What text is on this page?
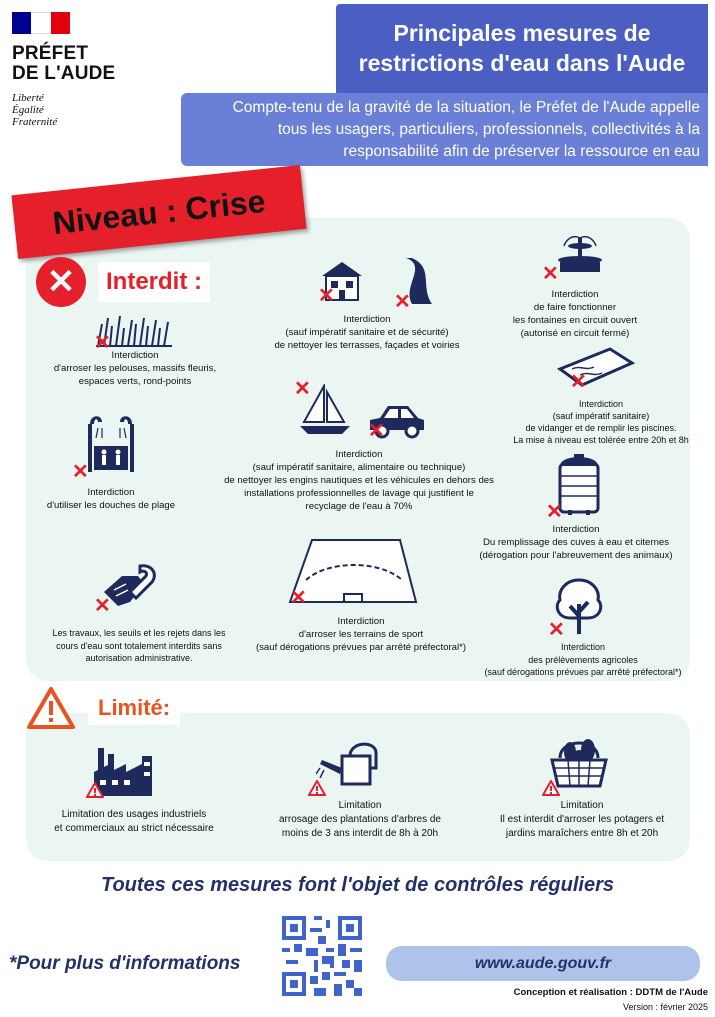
PRÉFET
DE L'AUDE
Liberté
Égalité
Fraternité
Principales mesures de
restrictions d'eau dans l'Aude
Compte-tenu de la gravité de la situation, le Préfet de l'Aude appelle
tous les usagers, particuliers, professionnels, collectivités à la
responsabilité afin de préserver la ressource en eau
Niveau : Crise
✕	Interdit :
✕
Interdiction
d'arroser les pelouses, massifs fleuris,
espaces verts, rond-points
✕	✕
Interdiction
(sauf impératif sanitaire et de sécurité)
de nettoyer les terrasses, façades et voiries
✕
Interdiction
de faire fonctionner
les fontaines en circuit ouvert
(autorisé en circuit fermé)
✕
Interdiction
(sauf impératif sanitaire)
de vidanger et de remplir les piscines.
La mise à niveau est tolérée entre 20h et 8h
✕
Interdiction
d'utiliser les douches de plage
✕
✕
Interdiction
(sauf impératif sanitaire, alimentaire ou technique)
de nettoyer les engins nautiques et les véhicules en dehors des
installations professionnelles de lavage qui justifient le
recyclage de l'eau à 70%	✕
Interdiction
Du remplissage des cuves à eau et citernes
(dérogation pour l'abreuvement des animaux)
✕
Les travaux, les seuils et les rejets dans les
cours d'eau sont totalement interdits sans
autorisation administrative.
✕
Interdiction
d'arroser les terrains de sport
(sauf dérogations prévues par arrêté préfectoral*)
✕
Interdiction
des prélèvements agricoles
(sauf dérogations prévues par arrêté préfectoral*)
Limité:
Limitation des usages industriels
et commerciaux au strict nécessaire
Limitation
arrosage des plantations d'arbres de
moins de 3 ans interdit de 8h à 20h
Limitation
Il est interdit d'arroser les potagers et
jardins maraîchers entre 8h et 20h
Toutes ces mesures font l'objet de contrôles réguliers
*Pour plus d'informations	www.aude.gouv.fr
Conception et réalisation : DDTM de l'Aude
Version : février 2025
